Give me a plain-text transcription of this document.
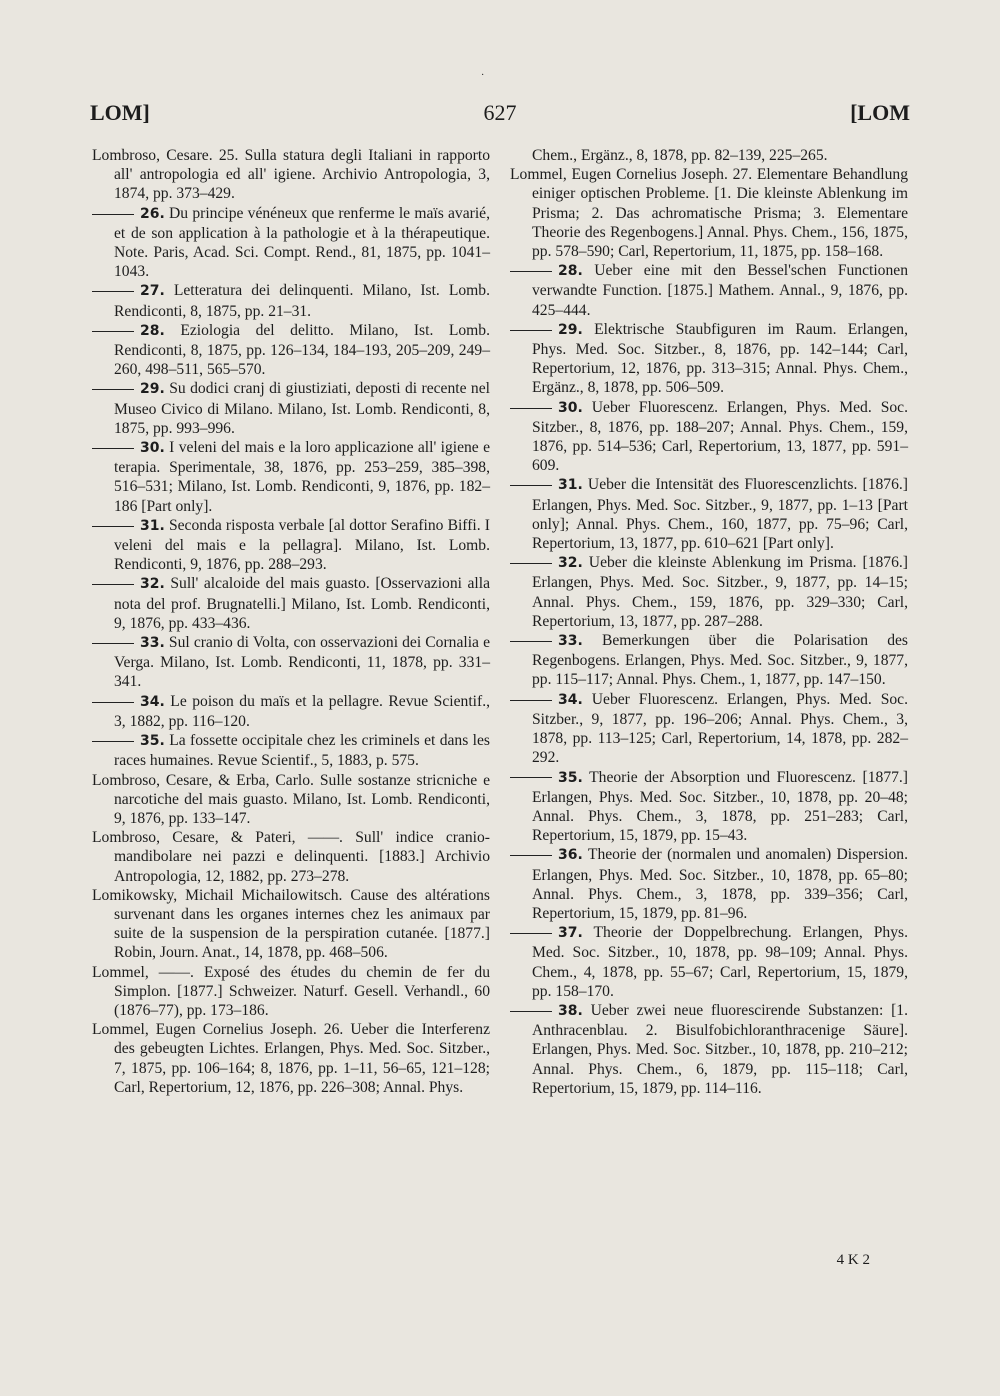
·
LOM]	627	[LOM

Lombroso, Cesare. 25. Sulla statura degli Italiani in rapporto all' antropologia ed all' igiene. Archivio Antropologia, 3, 1874, pp. 373–429.

26. Du principe vénéneux que renferme le maïs avarié, et de son application à la pathologie et à la thérapeutique. Note. Paris, Acad. Sci. Compt. Rend., 81, 1875, pp. 1041–1043.

27. Letteratura dei delinquenti. Milano, Ist. Lomb. Rendiconti, 8, 1875, pp. 21–31.

28. Eziologia del delitto. Milano, Ist. Lomb. Rendiconti, 8, 1875, pp. 126–134, 184–193, 205–209, 249–260, 498–511, 565–570.

29. Su dodici cranj di giustiziati, deposti di recente nel Museo Civico di Milano. Milano, Ist. Lomb. Rendiconti, 8, 1875, pp. 993–996.

30. I veleni del mais e la loro applicazione all' igiene e terapia. Sperimentale, 38, 1876, pp. 253–259, 385–398, 516–531; Milano, Ist. Lomb. Rendiconti, 9, 1876, pp. 182–186 [Part only].

31. Seconda risposta verbale [al dottor Serafino Biffi. I veleni del mais e la pellagra]. Milano, Ist. Lomb. Rendiconti, 9, 1876, pp. 288–293.

32. Sull' alcaloide del mais guasto. [Osservazioni alla nota del prof. Brugnatelli.] Milano, Ist. Lomb. Rendiconti, 9, 1876, pp. 433–436.

33. Sul cranio di Volta, con osservazioni dei Cornalia e Verga. Milano, Ist. Lomb. Rendiconti, 11, 1878, pp. 331–341.

34. Le poison du maïs et la pellagre. Revue Scientif., 3, 1882, pp. 116–120.

35. La fossette occipitale chez les criminels et dans les races humaines. Revue Scientif., 5, 1883, p. 575.

Lombroso, Cesare, & Erba, Carlo. Sulle sostanze stricniche e narcotiche del mais guasto. Milano, Ist. Lomb. Rendiconti, 9, 1876, pp. 133–147.

Lombroso, Cesare, & Pateri, ——. Sull' indice cranio-mandibolare nei pazzi e delinquenti. [1883.] Archivio Antropologia, 12, 1882, pp. 273–278.

Lomikowsky, Michail Michailowitsch. Cause des altérations survenant dans les organes internes chez les animaux par suite de la suspension de la perspiration cutanée. [1877.] Robin, Journ. Anat., 14, 1878, pp. 468–506.

Lommel, ——. Exposé des études du chemin de fer du Simplon. [1877.] Schweizer. Naturf. Gesell. Verhandl., 60 (1876–77), pp. 173–186.

Lommel, Eugen Cornelius Joseph. 26. Ueber die Interferenz des gebeugten Lichtes. Erlangen, Phys. Med. Soc. Sitzber., 7, 1875, pp. 106–164; 8, 1876, pp. 1–11, 56–65, 121–128; Carl, Repertorium, 12, 1876, pp. 226–308; Annal. Phys.

Chem., Ergänz., 8, 1878, pp. 82–139, 225–265.

Lommel, Eugen Cornelius Joseph. 27. Elementare Behandlung einiger optischen Probleme. [1. Die kleinste Ablenkung im Prisma; 2. Das achromatische Prisma; 3. Elementare Theorie des Regenbogens.] Annal. Phys. Chem., 156, 1875, pp. 578–590; Carl, Repertorium, 11, 1875, pp. 158–168.

28. Ueber eine mit den Bessel'schen Functionen verwandte Function. [1875.] Mathem. Annal., 9, 1876, pp. 425–444.

29. Elektrische Staubfiguren im Raum. Erlangen, Phys. Med. Soc. Sitzber., 8, 1876, pp. 142–144; Carl, Repertorium, 12, 1876, pp. 313–315; Annal. Phys. Chem., Ergänz., 8, 1878, pp. 506–509.

30. Ueber Fluorescenz. Erlangen, Phys. Med. Soc. Sitzber., 8, 1876, pp. 188–207; Annal. Phys. Chem., 159, 1876, pp. 514–536; Carl, Repertorium, 13, 1877, pp. 591–609.

31. Ueber die Intensität des Fluorescenzlichts. [1876.] Erlangen, Phys. Med. Soc. Sitzber., 9, 1877, pp. 1–13 [Part only]; Annal. Phys. Chem., 160, 1877, pp. 75–96; Carl, Repertorium, 13, 1877, pp. 610–621 [Part only].

32. Ueber die kleinste Ablenkung im Prisma. [1876.] Erlangen, Phys. Med. Soc. Sitzber., 9, 1877, pp. 14–15; Annal. Phys. Chem., 159, 1876, pp. 329–330; Carl, Repertorium, 13, 1877, pp. 287–288.

33. Bemerkungen über die Polarisation des Regenbogens. Erlangen, Phys. Med. Soc. Sitzber., 9, 1877, pp. 115–117; Annal. Phys. Chem., 1, 1877, pp. 147–150.

34. Ueber Fluorescenz. Erlangen, Phys. Med. Soc. Sitzber., 9, 1877, pp. 196–206; Annal. Phys. Chem., 3, 1878, pp. 113–125; Carl, Repertorium, 14, 1878, pp. 282–292.

35. Theorie der Absorption und Fluorescenz. [1877.] Erlangen, Phys. Med. Soc. Sitzber., 10, 1878, pp. 20–48; Annal. Phys. Chem., 3, 1878, pp. 251–283; Carl, Repertorium, 15, 1879, pp. 15–43.

36. Theorie der (normalen und anomalen) Dispersion. Erlangen, Phys. Med. Soc. Sitzber., 10, 1878, pp. 65–80; Annal. Phys. Chem., 3, 1878, pp. 339–356; Carl, Repertorium, 15, 1879, pp. 81–96.

37. Theorie der Doppelbrechung. Erlangen, Phys. Med. Soc. Sitzber., 10, 1878, pp. 98–109; Annal. Phys. Chem., 4, 1878, pp. 55–67; Carl, Repertorium, 15, 1879, pp. 158–170.

38. Ueber zwei neue fluorescirende Substanzen: [1. Anthracenblau. 2. Bisulfobichloranthracenige Säure]. Erlangen, Phys. Med. Soc. Sitzber., 10, 1878, pp. 210–212; Annal. Phys. Chem., 6, 1879, pp. 115–118; Carl, Repertorium, 15, 1879, pp. 114–116.

4 K 2
